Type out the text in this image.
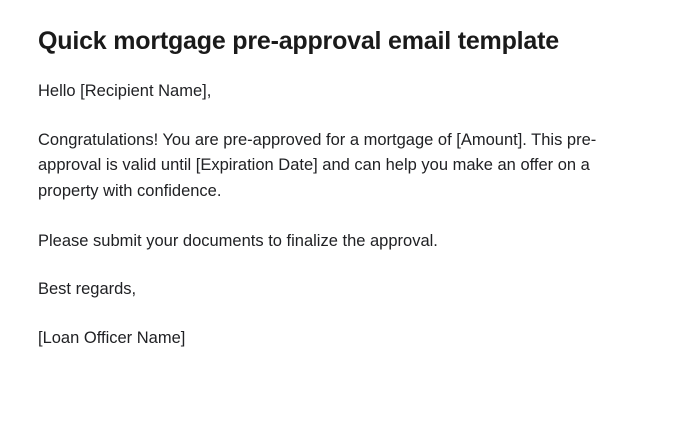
Quick mortgage pre-approval email template

Hello [Recipient Name],

Congratulations! You are pre-approved for a mortgage of [Amount]. This pre-approval is valid until [Expiration Date] and can help you make an offer on a property with confidence.

Please submit your documents to finalize the approval.

Best regards,

[Loan Officer Name]
